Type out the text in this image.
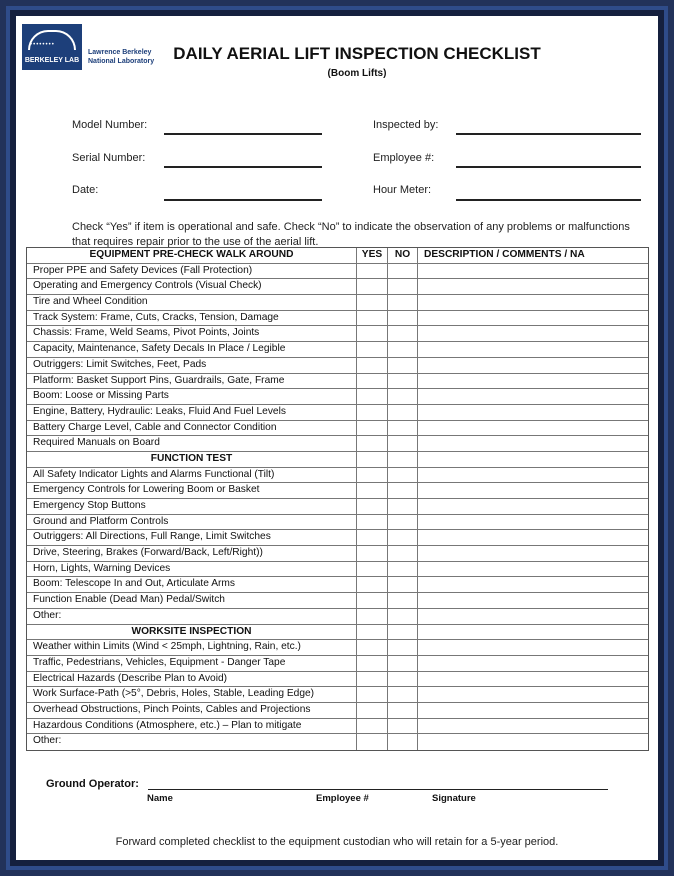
••••••••
BERKELEY LAB
Lawrence Berkeley
National Laboratory	DAILY AERIAL LIFT INSPECTION CHECKLIST
(Boom Lifts)
Model Number:
Serial Number:
Date:
Inspected by:
Employee #:
Hour Meter:
Check “Yes” if item is operational and safe. Check “No” to indicate the observation of any problems or malfunctions that requires repair prior to the use of the aerial lift.
EQUIPMENT PRE-CHECK WALK AROUND	YES	NO	DESCRIPTION / COMMENTS / NA
Proper PPE and Safety Devices (Fall Protection)
Operating and Emergency Controls (Visual Check)
Tire and Wheel Condition
Track System: Frame, Cuts, Cracks, Tension, Damage
Chassis: Frame, Weld Seams, Pivot Points, Joints
Capacity, Maintenance, Safety Decals In Place / Legible
Outriggers: Limit Switches, Feet, Pads
Platform: Basket Support Pins, Guardrails, Gate, Frame
Boom: Loose or Missing Parts
Engine, Battery, Hydraulic: Leaks, Fluid And Fuel Levels
Battery Charge Level, Cable and Connector Condition
Required Manuals on Board
FUNCTION TEST
All Safety Indicator Lights and Alarms Functional (Tilt)
Emergency Controls for Lowering Boom or Basket
Emergency Stop Buttons
Ground and Platform Controls
Outriggers: All Directions, Full Range, Limit Switches
Drive, Steering, Brakes (Forward/Back, Left/Right))
Horn, Lights, Warning Devices
Boom: Telescope In and Out, Articulate Arms
Function Enable (Dead Man) Pedal/Switch
Other:
WORKSITE INSPECTION
Weather within Limits (Wind < 25mph, Lightning, Rain, etc.)
Traffic, Pedestrians, Vehicles, Equipment - Danger Tape
Electrical Hazards (Describe Plan to Avoid)
Work Surface-Path (>5°, Debris, Holes, Stable, Leading Edge)
Overhead Obstructions, Pinch Points, Cables and Projections
Hazardous Conditions (Atmosphere, etc.) – Plan to mitigate
Other:
Ground Operator:
Name	Employee #	Signature
Forward completed checklist to the equipment custodian who will retain for a 5-year period.
